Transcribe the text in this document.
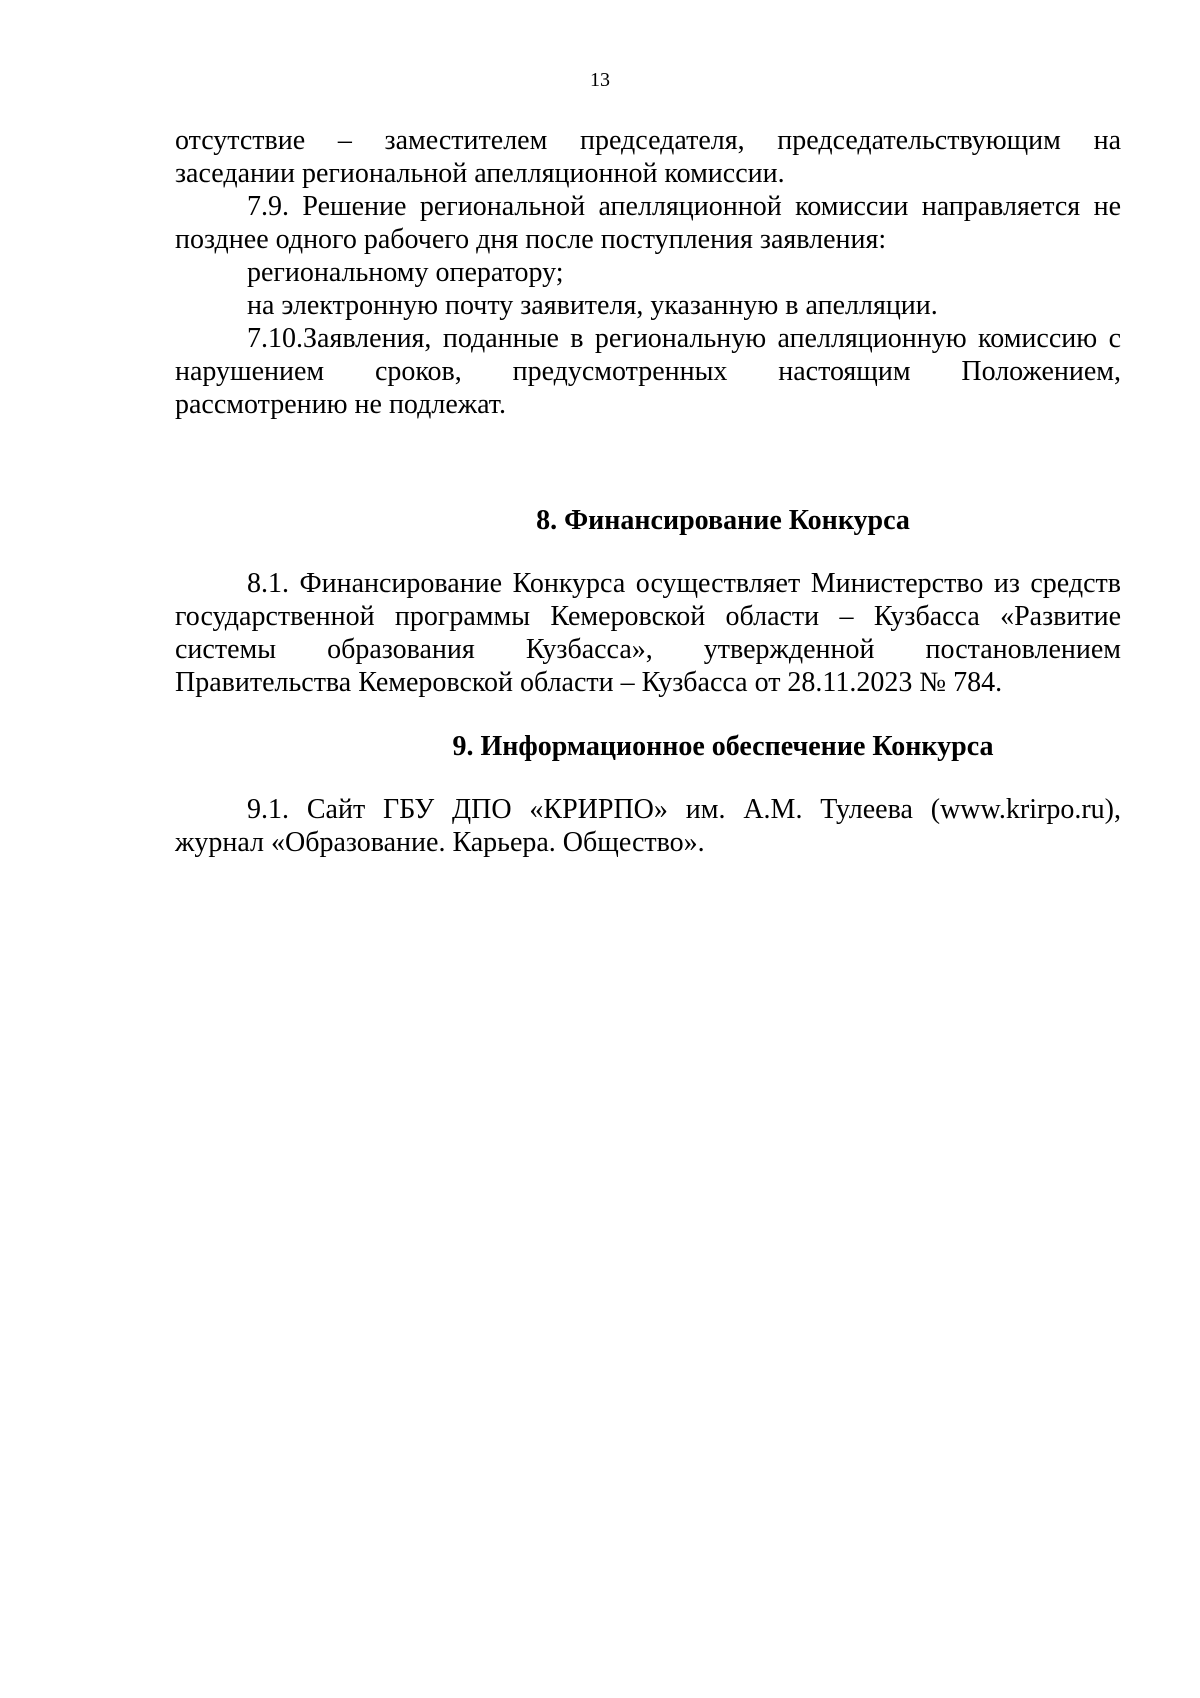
13

отсутствие – заместителем председателя, председательствующим на

заседании региональной апелляционной комиссии.

7.9. Решение региональной апелляционной комиссии направляется не позднее одного рабочего дня после поступления заявления:

региональному оператору;

на электронную почту заявителя, указанную в апелляции.

7.10.Заявления, поданные в региональную апелляционную комиссию с нарушением сроков, предусмотренных настоящим Положением, рассмотрению не подлежат.

8. Финансирование Конкурса

8.1. Финансирование Конкурса осуществляет Министерство из средств государственной программы Кемеровской области – Кузбасса «Развитие системы образования Кузбасса», утвержденной постановлением Правительства Кемеровской области – Кузбасса от 28.11.2023 № 784.

9. Информационное обеспечение Конкурса

9.1. Сайт ГБУ ДПО «КРИРПО» им. А.М. Тулеева (www.krirpo.ru), журнал «Образование. Карьера. Общество».
